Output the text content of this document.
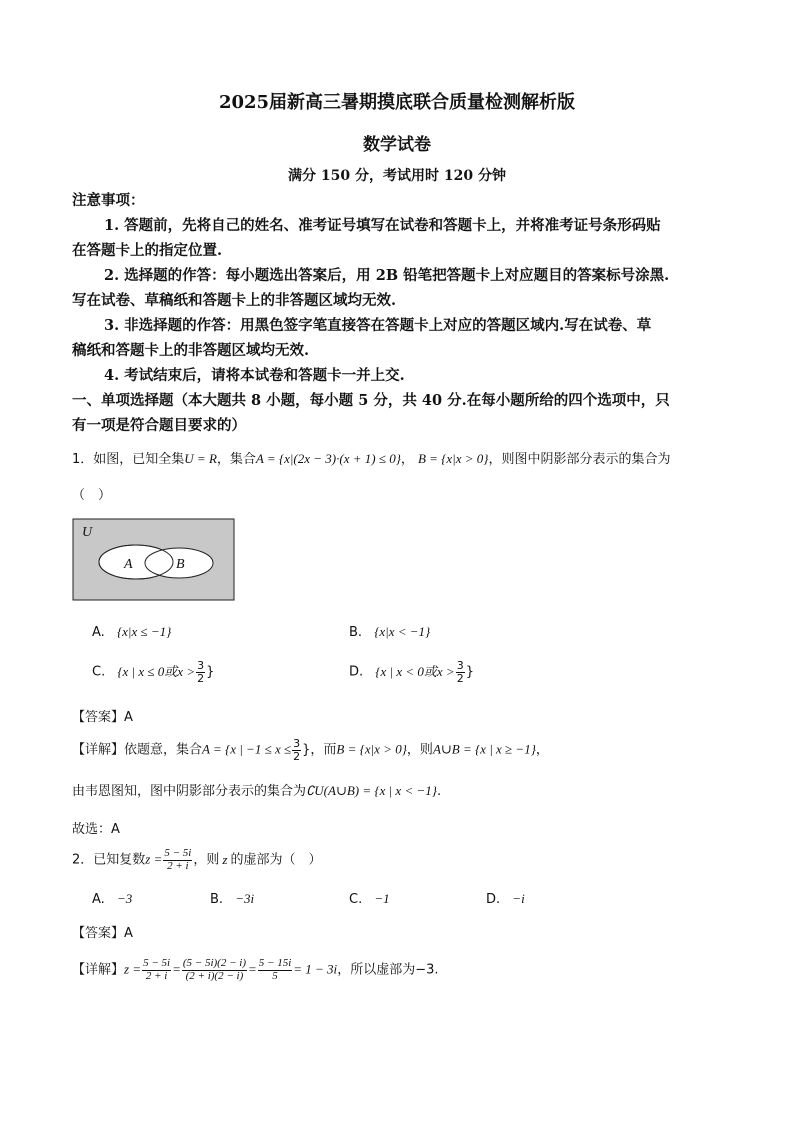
2025届新高三暑期摸底联合质量检测解析版
数学试卷
满分 150 分，考试用时 120 分钟
注意事项：
1. 答题前，先将自己的姓名、准考证号填写在试卷和答题卡上，并将准考证号条形码贴
在答题卡上的指定位置.
2. 选择题的作答：每小题选出答案后，用 2B 铅笔把答题卡上对应题目的答案标号涂黑.
写在试卷、草稿纸和答题卡上的非答题区域均无效.
3. 非选择题的作答：用黑色签字笔直接答在答题卡上对应的答题区域内.写在试卷、草
稿纸和答题卡上的非答题区域均无效.
4. 考试结束后，请将本试卷和答题卡一并上交.
一、单项选择题（本大题共 8 小题，每小题 5 分，共 40 分.在每小题所给的四个选项中，只
有一项是符合题目要求的）
1．如图，已知全集U = R，集合A = {x|(2x − 3)·(x + 1) ≤ 0}， B = {x|x > 0}，则图中阴影部分表示的集合为
（　）
U
A	B
A. {x|x ≤ −1}	B. {x|x < −1}
C. {x | x ≤ 0或$x > \frac{3}{2}$ }	D. {x | x < 0或$x > \frac{3}{2}$ }
【答案】A
【详解】依题意，集合A = {x | $-1 \le x \le \frac{3}{2}$ }，而B = {x|x > 0}，则A∪B = {x | x ≥ −1}，
由韦恩图知，图中阴影部分表示的集合为∁U(A∪B) = {x | x < −1}.
故选：A
2．已知复数$z = \frac{5 - 5i}{2 + i}$ ，则 z 的虚部为（　）
A. −3	B. −3i	C. −1	D. −i
【答案】A
【详解】$z = \frac{5 - 5i}{2 + i} = \frac{(5 - 5i)(2 - i)}{(2 + i)(2 - i)} = \frac{5 - 15i}{5} = 1 - 3i$，所以虚部为−3.
